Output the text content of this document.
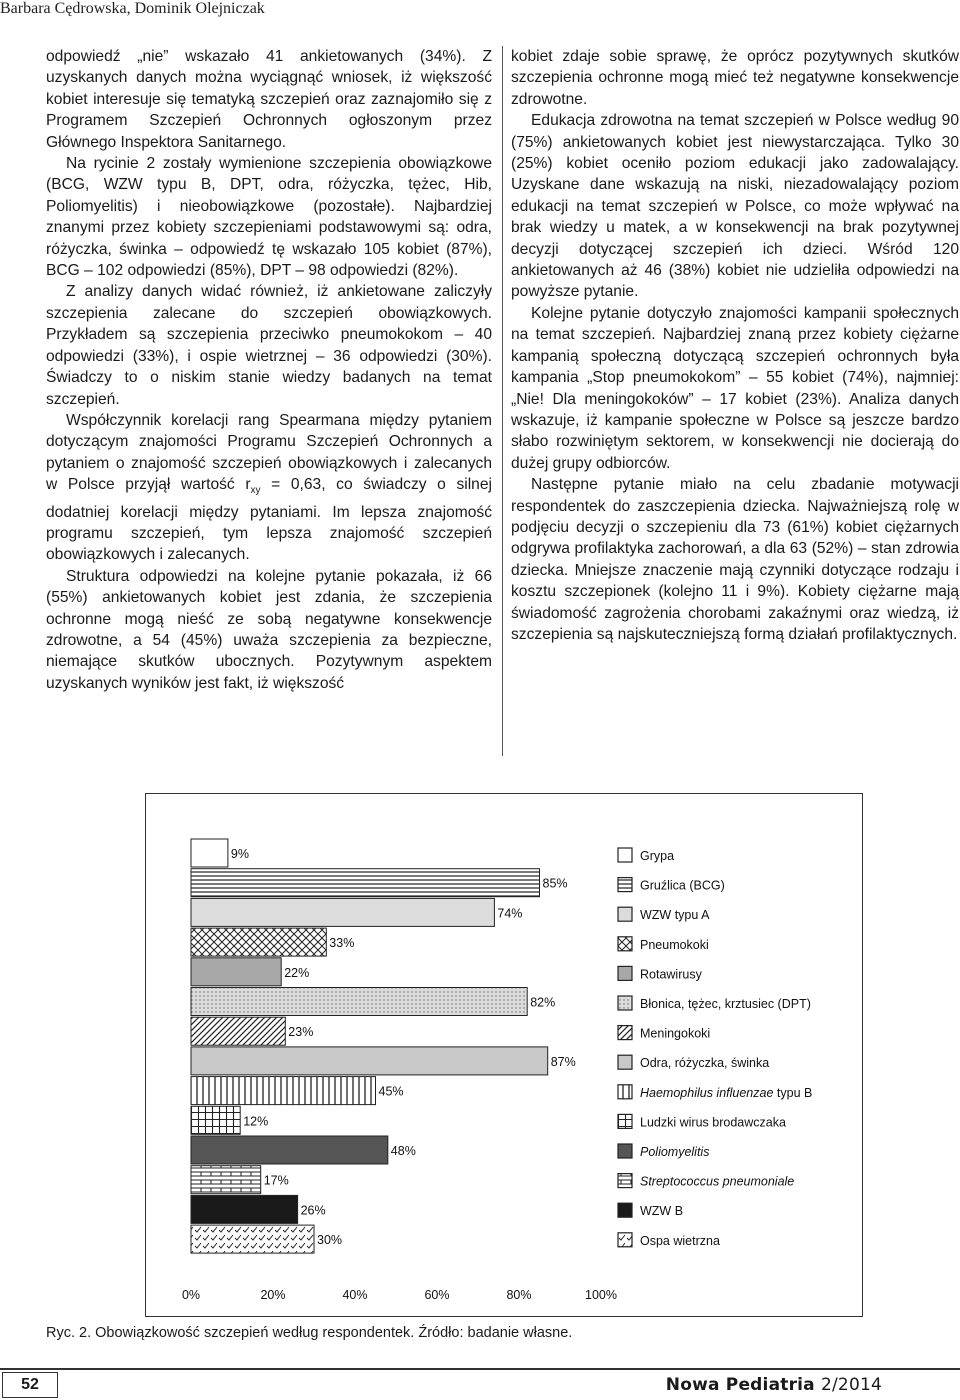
Barbara Cędrowska, Dominik Olejniczak

odpowiedź „nie” wskazało 41 ankietowanych (34%). Z uzyskanych danych można wyciągnąć wniosek, iż większość kobiet interesuje się tematyką szczepień oraz zaznajomiło się z Programem Szczepień Ochronnych ogłoszonym przez Głównego Inspektora Sanitarnego.

Na rycinie 2 zostały wymienione szczepienia obowiązkowe (BCG, WZW typu B, DPT, odra, różyczka, tężec, Hib, Poliomyelitis) i nieobowiązkowe (pozostałe). Najbardziej znanymi przez kobiety szczepieniami podstawowymi są: odra, różyczka, świnka – odpowiedź tę wskazało 105 kobiet (87%), BCG – 102 odpowiedzi (85%), DPT – 98 odpowiedzi (82%).

Z analizy danych widać również, iż ankietowane zaliczyły szczepienia zalecane do szczepień obowiązkowych. Przykładem są szczepienia przeciwko pneumokokom – 40 odpowiedzi (33%), i ospie wietrznej – 36 odpowiedzi (30%). Świadczy to o niskim stanie wiedzy badanych na temat szczepień.

Współczynnik korelacji rang Spearmana między pytaniem dotyczącym znajomości Programu Szczepień Ochronnych a pytaniem o znajomość szczepień obowiązkowych i zalecanych w Polsce przyjął wartość $r_{xy} = 0,63$, co świadczy o silnej dodatniej korelacji między pytaniami. Im lepsza znajomość programu szczepień, tym lepsza znajomość szczepień obowiązkowych i zalecanych.

Struktura odpowiedzi na kolejne pytanie pokazała, iż 66 (55%) ankietowanych kobiet jest zdania, że szczepienia ochronne mogą nieść ze sobą negatywne konsekwencje zdrowotne, a 54 (45%) uważa szczepienia za bezpieczne, niemające skutków ubocznych. Pozytywnym aspektem uzyskanych wyników jest fakt, iż większość

kobiet zdaje sobie sprawę, że oprócz pozytywnych skutków szczepienia ochronne mogą mieć też negatywne konsekwencje zdrowotne.

Edukacja zdrowotna na temat szczepień w Polsce według 90 (75%) ankietowanych kobiet jest niewystarczająca. Tylko 30 (25%) kobiet oceniło poziom edukacji jako zadowalający. Uzyskane dane wskazują na niski, niezadowalający poziom edukacji na temat szczepień w Polsce, co może wpływać na brak wiedzy u matek, a w konsekwencji na brak pozytywnej decyzji dotyczącej szczepień ich dzieci. Wśród 120 ankietowanych aż 46 (38%) kobiet nie udzieliła odpowiedzi na powyższe pytanie.

Kolejne pytanie dotyczyło znajomości kampanii społecznych na temat szczepień. Najbardziej znaną przez kobiety ciężarne kampanią społeczną dotyczącą szczepień ochronnych była kampania „Stop pneumokokom” – 55 kobiet (74%), najmniej: „Nie! Dla meningokoków” – 17 kobiet (23%). Analiza danych wskazuje, iż kampanie społeczne w Polsce są jeszcze bardzo słabo rozwiniętym sektorem, w konsekwencji nie docierają do dużej grupy odbiorców.

Następne pytanie miało na celu zbadanie motywacji respondentek do zaszczepienia dziecka. Najważniejszą rolę w podjęciu decyzji o szczepieniu dla 73 (61%) kobiet ciężarnych odgrywa profilaktyka zachorowań, a dla 63 (52%) – stan zdrowia dziecka. Mniejsze znaczenie mają czynniki dotyczące rodzaju i kosztu szczepionek (kolejno 11 i 9%). Kobiety ciężarne mają świadomość zagrożenia chorobami zakaźnymi oraz wiedzą, iż szczepienia są najskuteczniejszą formą działań profilaktycznych.

9%
85%
74%
33%
22%
82%
23%
87%
45%
12%
48%
17%
26%
30%
0%	20%	40%	60%	80%	100%
Grypa
Gruźlica (BCG)
WZW typu A
Pneumokoki
Rotawirusy
Błonica, tężec, krztusiec (DPT)
Meningokoki
Odra, różyczka, świnka
Haemophilus influenzae typu B
Ludzki wirus brodawczaka
Poliomyelitis
Streptococcus pneumoniale
WZW B
Ospa wietrzna
Ryc. 2. Obowiązkowość szczepień według respondentek. Źródło: badanie własne.
52	Nowa Pediatria 2/2014
